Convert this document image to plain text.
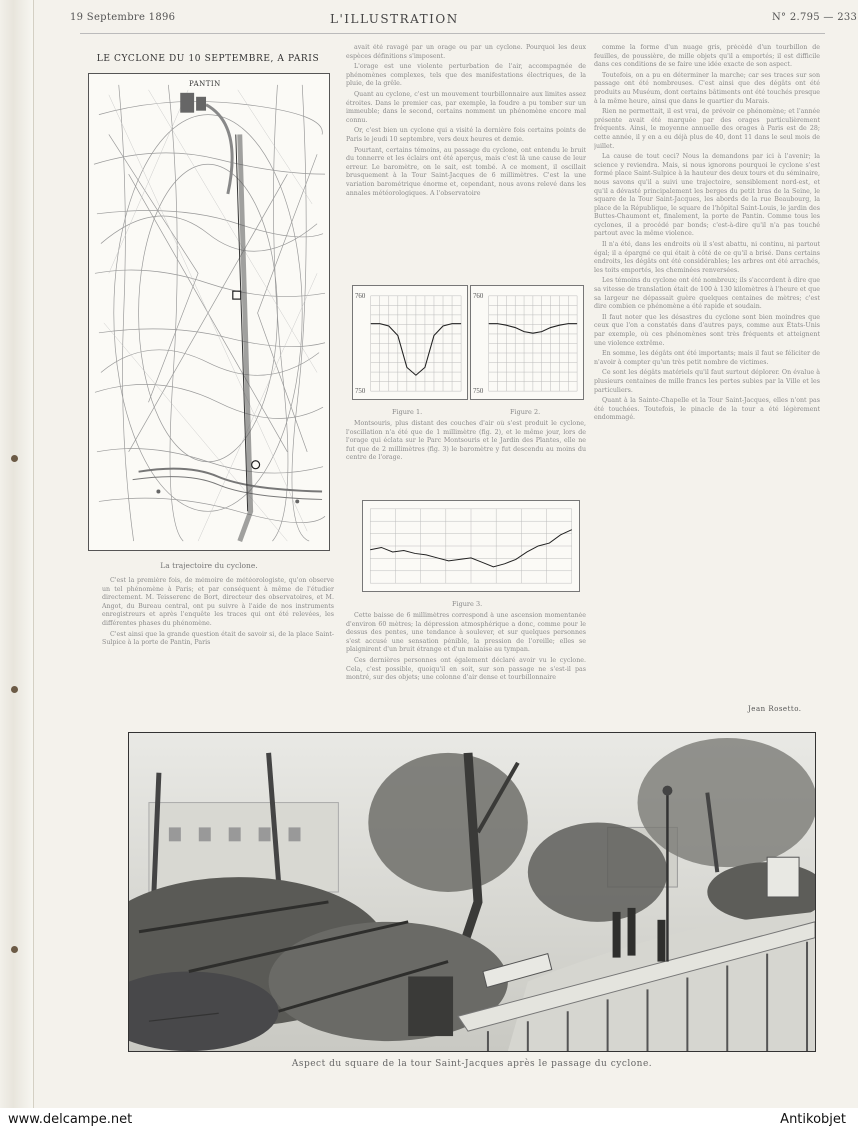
19 Septembre 1896	L'ILLUSTRATION	N° 2.795 — 233
LE CYCLONE DU 10 SEPTEMBRE, A PARIS
PANTIN
La trajectoire du cyclone.

C'est la première fois, de mémoire de météorologiste, qu'on observe un tel phénomène à Paris; et par conséquent à même de l'étudier directement. M. Teisserenc de Bort, directeur des observatoires, et M. Angot, du Bureau central, ont pu suivre à l'aide de nos instruments enregistreurs et après l'enquête les traces qui ont été relevées, les différentes phases du phénomène.

C'est ainsi que la grande question était de savoir si, de la place Saint-Sulpice à la porte de Pantin, Paris

avait été ravagé par un orage ou par un cyclone. Pourquoi les deux espèces définitions s'imposent.

L'orage est une violente perturbation de l'air, accompagnée de phénomènes complexes, tels que des manifestations électriques, de la pluie, de la grêle.

Quant au cyclone, c'est un mouvement tourbillonnaire aux limites assez étroites. Dans le premier cas, par exemple, la foudre a pu tomber sur un immeuble; dans le second, certains nomment un phénomène encore mal connu.

Or, c'est bien un cyclone qui a visité la dernière fois certains points de Paris le jeudi 10 septembre, vers deux heures et demie.

Pourtant, certains témoins, au passage du cyclone, ont entendu le bruit du tonnerre et les éclairs ont été aperçus, mais c'est là une cause de leur erreur. Le baromètre, on le sait, est tombé. A ce moment, il oscillait brusquement à la Tour Saint-Jacques de 6 millimètres. C'est la une variation barométrique énorme et, cependant, nous avons relevé dans les annales météorologiques. A l'observatoire

760
750
760
750
Figure 1.	Figure 2.

Montsouris, plus distant des couches d'air où s'est produit le cyclone, l'oscillation n'a été que de 1 millimètre (fig. 2), et le même jour, lors de l'orage qui éclata sur le Parc Montsouris et le Jardin des Plantes, elle ne fut que de 2 millimètres (fig. 3) le baromètre y fut descendu au moins du centre de l'orage.

Figure 3.

Cette baisse de 6 millimètres correspond à une ascension momentanée d'environ 60 mètres; la dépression atmosphérique a donc, comme pour le dessus des pentes, une tendance à soulever, et sur quelques personnes s'est accusé une sensation pénible, la pression de l'oreille; elles se plaignirent d'un bruit étrange et d'un malaise au tympan.

Ces dernières personnes ont également déclaré avoir vu le cyclone. Cela, c'est possible, quoiqu'il en soit, sur son passage ne s'est-il pas montré, sur des objets; une colonne d'air dense et tourbillonnaire

comme la forme d'un nuage gris, précédé d'un tourbillon de feuilles, de poussière, de mille objets qu'il a emportés; il est difficile dans ces conditions de se faire une idée exacte de son aspect.

Toutefois, on a pu en déterminer la marche; car ses traces sur son passage ont été nombreuses. C'est ainsi que des dégâts ont été produits au Muséum, dont certains bâtiments ont été touchés presque à la même heure, ainsi que dans le quartier du Marais.

Rien ne permettait, il est vrai, de prévoir ce phénomène; et l'année présente avait été marquée par des orages particulièrement fréquents. Ainsi, le moyenne annuelle des orages à Paris est de 28; cette année, il y en a eu déjà plus de 40, dont 11 dans le seul mois de juillet.

La cause de tout ceci? Nous la demandons par ici à l'avenir; la science y reviendra. Mais, si nous ignorons pourquoi le cyclone s'est formé place Saint-Sulpice à la hauteur des deux tours et du séminaire, nous savons qu'il a suivi une trajectoire, sensiblement nord-est, et qu'il a dévasté principalement les berges du petit bras de la Seine, le square de la Tour Saint-Jacques, les abords de la rue Beaubourg, la place de la République, le square de l'hôpital Saint-Louis, le jardin des Buttes-Chaumont et, finalement, la porte de Pantin. Comme tous les cyclones, il a procédé par bonds; c'est-à-dire qu'il n'a pas touché partout avec la même violence.

Il n'a été, dans les endroits où il s'est abattu, ni continu, ni partout égal; il a épargné ce qui était à côté de ce qu'il a brisé. Dans certains endroits, les dégâts ont été considérables; les arbres ont été arrachés, les toits emportés, les cheminées renversées.

Les témoins du cyclone ont été nombreux; ils s'accordent à dire que sa vitesse de translation était de 100 à 130 kilomètres à l'heure et que sa largeur ne dépassait guère quelques centaines de mètres; c'est dire combien ce phénomène a été rapide et soudain.

Il faut noter que les désastres du cyclone sont bien moindres que ceux que l'on a constatés dans d'autres pays, comme aux États-Unis par exemple, où ces phénomènes sont très fréquents et atteignent une violence extrême.

En somme, les dégâts ont été importants; mais il faut se féliciter de n'avoir à compter qu'un très petit nombre de victimes.

Ce sont les dégâts matériels qu'il faut surtout déplorer. On évalue à plusieurs centaines de mille francs les pertes subies par la Ville et les particuliers.

Quant à la Sainte-Chapelle et la Tour Saint-Jacques, elles n'ont pas été touchées. Toutefois, le pinacle de la tour a été légèrement endommagé.

Jean Rosetto.
Aspect du square de la tour Saint-Jacques après le passage du cyclone.
www.delcampe.net	Antikobjet
